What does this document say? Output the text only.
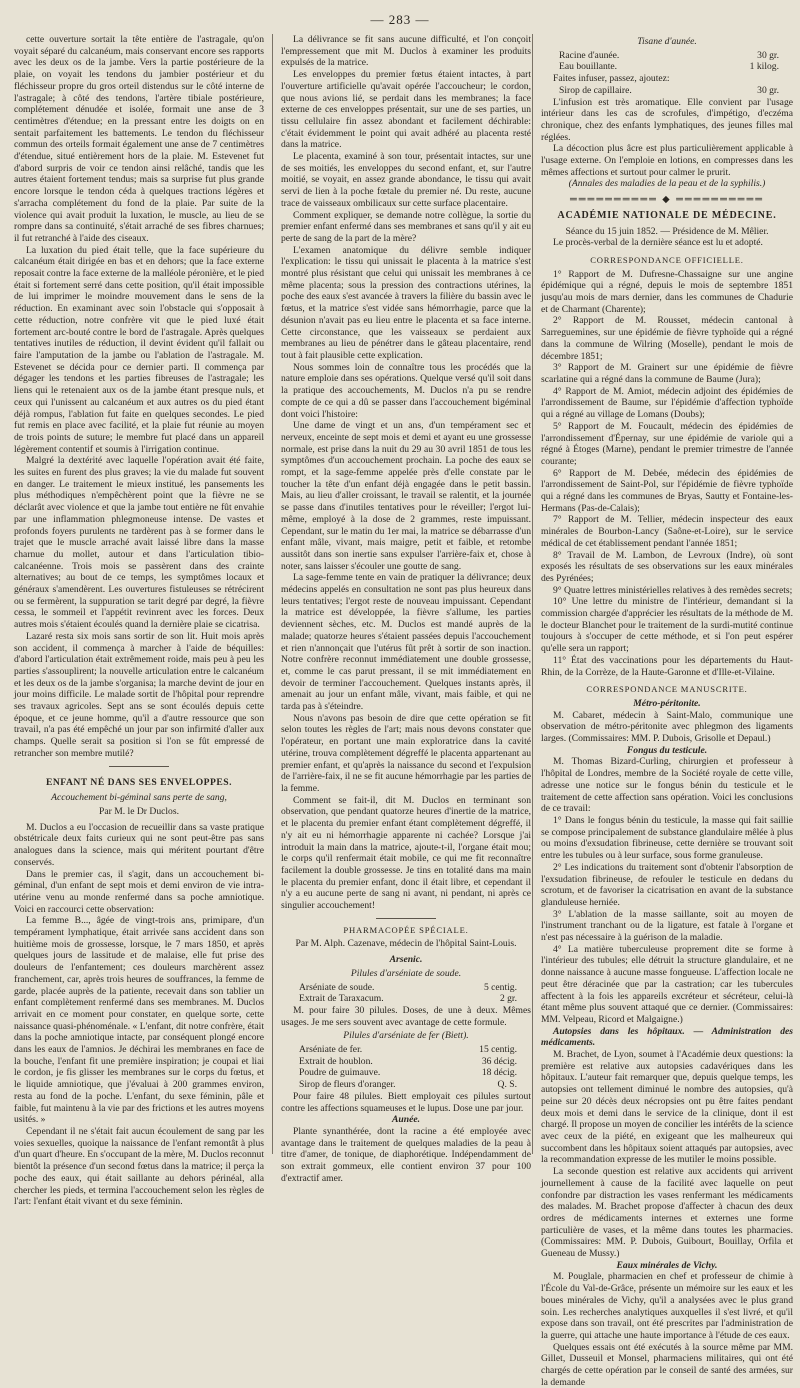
— 283 —

cette ouverture sortait la tête entière de l'astragale, qu'on voyait séparé du calcanéum, mais conservant encore ses rapports avec les deux os de la jambe. Vers la partie postérieure de la plaie, on voyait les tendons du jambier postérieur et du fléchisseur propre du gros orteil distendus sur le côté interne de l'astragale; à côté des tendons, l'artère tibiale postérieure, complétement dénudée et isolée, formait une anse de 3 centimètres d'étendue; en la pressant entre les doigts on en sentait parfaitement les battements. Le tendon du fléchisseur commun des orteils formait également une anse de 7 centimètres d'étendue, situé entièrement hors de la plaie. M. Estevenet fut d'abord surpris de voir ce tendon ainsi relâché, tandis que les autres étaient fortement tendus; mais sa surprise fut plus grande encore lorsque le tendon céda à quelques tractions légères et s'arracha complétement du fond de la plaie. Par suite de la violence qui avait produit la luxation, le muscle, au lieu de se rompre dans sa continuité, s'était arraché de ses fibres charnues; il fut retranché à l'aide des ciseaux.

La luxation du pied était telle, que la face supérieure du calcanéum était dirigée en bas et en dehors; que la face externe reposait contre la face externe de la malléole péronière, et le pied était si fortement serré dans cette position, qu'il était impossible de lui imprimer le moindre mouvement dans le sens de la réduction. En examinant avec soin l'obstacle qui s'opposait à cette réduction, notre confrère vit que le pied luxé était fortement arc-bouté contre le bord de l'astragale. Après quelques tentatives inutiles de réduction, il devint évident qu'il fallait ou faire l'amputation de la jambe ou l'ablation de l'astragale. M. Estevenet se décida pour ce dernier parti. Il commença par dégager les tendons et les parties fibreuses de l'astragale; les liens qui le retenaient aux os de la jambe étant presque nuls, et ceux qui l'unissent au calcanéum et aux autres os du pied étant déjà rompus, l'ablation fut faite en quelques secondes. Le pied fut remis en place avec facilité, et la plaie fut réunie au moyen de trois points de suture; le membre fut placé dans un appareil légèrement contentif et soumis à l'irrigation continue.

Malgré la dextérité avec laquelle l'opération avait été faite, les suites en furent des plus graves; la vie du malade fut souvent en danger. Le traitement le mieux institué, les pansements les plus méthodiques n'empêchèrent point que la fièvre ne se déclarât avec violence et que la jambe tout entière ne fût envahie par une inflammation phlegmoneuse intense. De vastes et profonds foyers purulents ne tardèrent pas à se former dans le trajet que le muscle arraché avait laissé libre dans la masse charnue du mollet, autour et dans l'articulation tibio-calcanéenne. Trois mois se passèrent dans des crainte alternatives; au bout de ce temps, les symptômes locaux et généraux s'amendèrent. Les ouvertures fistuleuses se rétrécirent ou se fermèrent, la suppuration se tarit degré par degré, la fièvre cessa, le sommeil et l'appétit revinrent avec les forces. Deux autres mois s'étaient écoulés quand la dernière plaie se cicatrisa.

Lazaré resta six mois sans sortir de son lit. Huit mois après son accident, il commença à marcher à l'aide de béquilles: d'abord l'articulation était extrêmement roide, mais peu à peu les parties s'assouplirent; la nouvelle articulation entre le calcanéum et les deux os de la jambe s'organisa; la marche devint de jour en jour moins difficile. Le malade sortit de l'hôpital pour reprendre ses travaux agricoles. Sept ans se sont écoulés depuis cette époque, et ce jeune homme, qu'il a d'autre ressource que son travail, n'a pas été empêché un jour par son infirmité d'aller aux champs. Quelle serait sa position si l'on se fût empressé de retrancher son membre mutilé?

ENFANT NÉ DANS SES ENVELOPPES.

Accouchement bi-géminal sans perte de sang,

Par M. le Dr Duclos.

M. Duclos a eu l'occasion de recueillir dans sa vaste pratique obstétricale deux faits curieux qui ne sont peut-être pas sans analogues dans la science, mais qui méritent pourtant d'être conservés.

Dans le premier cas, il s'agit, dans un accouchement bi-géminal, d'un enfant de sept mois et demi environ de vie intra-utérine venu au monde renfermé dans sa poche amniotique. Voici en raccourci cette observation:

La femme B..., âgée de vingt-trois ans, primipare, d'un tempérament lymphatique, était arrivée sans accident dans son huitième mois de grossesse, lorsque, le 7 mars 1850, et après quelques jours de lassitude et de malaise, elle fut prise des douleurs de l'enfantement; ces douleurs marchèrent assez franchement, car, après trois heures de souffrances, la femme de garde, placée auprès de la patiente, recevait dans son tablier un enfant complètement renfermé dans ses membranes. M. Duclos arrivait en ce moment pour constater, en quelque sorte, cette naissance quasi-phénoménale. « L'enfant, dit notre confrère, était dans la poche amniotique intacte, par conséquent plongé encore dans les eaux de l'amnios. Je déchirai les membranes en face de la bouche, l'enfant fit une première inspiration; je coupai et liai le cordon, je fis glisser les membranes sur le corps du fœtus, et le liquide amniotique, que j'évaluai à 200 grammes environ, resta au fond de la poche. L'enfant, du sexe féminin, pâle et faible, fut maintenu à la vie par des frictions et les autres moyens usités. »

Cependant il ne s'était fait aucun écoulement de sang par les voies sexuelles, quoique la naissance de l'enfant remontât à plus d'un quart d'heure. En s'occupant de la mère, M. Duclos reconnut bientôt la présence d'un second fœtus dans la matrice; il perça la poche des eaux, qui était saillante au dehors périnéal, alla chercher les pieds, et termina l'accouchement selon les règles de l'art: l'enfant était vivant et du sexe féminin.

La délivrance se fit sans aucune difficulté, et l'on conçoit l'empressement que mit M. Duclos à examiner les produits expulsés de la matrice.

Les enveloppes du premier fœtus étaient intactes, à part l'ouverture artificielle qu'avait opérée l'accoucheur; le cordon, que nous avions lié, se perdait dans les membranes; la face externe de ces enveloppes présentait, sur une de ses parties, un tissu cellulaire fin assez abondant et facilement déchirable: c'était évidemment le point qui avait adhéré au placenta resté dans la matrice.

Le placenta, examiné à son tour, présentait intactes, sur une de ses moitiés, les enveloppes du second enfant, et, sur l'autre moitié, se voyait, en assez grande abondance, le tissu qui avait servi de lien à la poche fœtale du premier né. Du reste, aucune trace de vaisseaux ombilicaux sur cette surface placentaire.

Comment expliquer, se demande notre collègue, la sortie du premier enfant enfermé dans ses membranes et sans qu'il y ait eu perte de sang de la part de la mère?

L'examen anatomique du délivre semble indiquer l'explication: le tissu qui unissait le placenta à la matrice s'est montré plus résistant que celui qui unissait les membranes à ce même placenta; sous la pression des contractions utérines, la poche des eaux s'est avancée à travers la filière du bassin avec le fœtus, et la matrice s'est vidée sans hémorrhagie, parce que la désunion n'avait pas eu lieu entre le placenta et sa face interne. Cette circonstance, que les vaisseaux se perdaient aux membranes au lieu de pénétrer dans le gâteau placentaire, rend tout à fait plausible cette explication.

Nous sommes loin de connaître tous les procédés que la nature emploie dans ses opérations. Quelque versé qu'il soit dans la pratique des accouchements, M. Duclos n'a pu se rendre compte de ce qui a dû se passer dans l'accouchement bigéminal dont voici l'histoire:

Une dame de vingt et un ans, d'un tempérament sec et nerveux, enceinte de sept mois et demi et ayant eu une grossesse normale, est prise dans la nuit du 29 au 30 avril 1851 de tous les symptômes d'un accouchement prochain. La poche des eaux se rompt, et la sage-femme appelée près d'elle constate par le toucher la tête d'un enfant déjà engagée dans le petit bassin. Mais, au lieu d'aller croissant, le travail se ralentit, et la journée se passe dans d'inutiles tentatives pour le réveiller; l'ergot lui-même, employé à la dose de 2 grammes, reste impuissant. Cependant, sur le matin du 1er mai, la matrice se débarrasse d'un enfant mâle, vivant, mais maigre, petit et faible, et retombe aussitôt dans son inertie sans expulser l'arrière-faix et, chose à noter, sans laisser s'écouler une goutte de sang.

La sage-femme tente en vain de pratiquer la délivrance; deux médecins appelés en consultation ne sont pas plus heureux dans leurs tentatives; l'ergot reste de nouveau impuissant. Cependant la matrice est développée, la fièvre s'allume, les parties deviennent sèches, etc. M. Duclos est mandé auprès de la malade; quatorze heures s'étaient passées depuis l'accouchement et rien n'annonçait que l'utérus fût prêt à sortir de son inaction. Notre confrère reconnut immédiatement une double grossesse, et, comme le cas parut pressant, il se mit immédiatement en devoir de terminer l'accouchement. Quelques instants après, il amenait au jour un enfant mâle, vivant, mais faible, et qui ne tarda pas à s'éteindre.

Nous n'avons pas besoin de dire que cette opération se fit selon toutes les règles de l'art; mais nous devons constater que l'opérateur, en portant une main exploratrice dans la cavité utérine, trouva complètement dégreffé le placenta appartenant au premier enfant, et qu'après la naissance du second et l'expulsion de l'arrière-faix, il ne se fit aucune hémorrhagie par les parties de la femme.

Comment se fait-il, dit M. Duclos en terminant son observation, que pendant quatorze heures d'inertie de la matrice, et le placenta du premier enfant étant complètement dégreffé, il n'y ait eu ni hémorrhagie apparente ni cachée? Lorsque j'ai introduit la main dans la matrice, ajoute-t-il, l'organe était mou; le corps qu'il renfermait était mobile, ce qui me fit reconnaître facilement la double grossesse. Je tins en totalité dans ma main le placenta du premier enfant, donc il était libre, et cependant il n'y a eu aucune perte de sang ni avant, ni pendant, ni après ce singulier accouchement!

PHARMACOPÉE SPÉCIALE.

Par M. Alph. Cazenave, médecin de l'hôpital Saint-Louis.

Arsenic.

Pilules d'arséniate de soude.

Arséniate de soude.	5 centig.
Extrait de Taraxacum.	2 gr.

M. pour faire 30 pilules. Doses, de une à deux. Mêmes usages. Je me sers souvent avec avantage de cette formule.

Pilules d'arséniate de fer (Biett).

Arséniate de fer.	15 centig.
Extrait de houblon.	36 décig.
Poudre de guimauve.	18 décig.
Sirop de fleurs d'oranger.	Q. S.

Pour faire 48 pilules. Biett employait ces pilules surtout contre les affections squameuses et le lupus. Dose une par jour.

Aunée.

Plante synanthérée, dont la racine a été employée avec avantage dans le traitement de quelques maladies de la peau à titre d'amer, de tonique, de diaphorétique. Indépendamment de son extrait gommeux, elle contient environ 37 pour 100 d'extractif amer.

Tisane d'aunée.

Racine d'aunée.	30 gr.
Eau bouillante.	1 kilog.

Faites infuser, passez, ajoutez:

Sirop de capillaire.	30 gr.

L'infusion est très aromatique. Elle convient par l'usage intérieur dans les cas de scrofules, d'impétigo, d'eczéma chronique, chez des enfants lymphatiques, des jeunes filles mal réglées.

La décoction plus âcre est plus particulièrement applicable à l'usage externe. On l'emploie en lotions, en compresses dans les mêmes affections et surtout pour calmer le prurit.

(Annales des maladies de la peau et de la syphilis.)

══════════ ◆ ══════════

ACADÉMIE NATIONALE DE MÉDECINE.

Séance du 15 juin 1852. — Présidence de M. Mêlier.

Le procès-verbal de la dernière séance est lu et adopté.

CORRESPONDANCE OFFICIELLE.

1° Rapport de M. Dufresne-Chassaigne sur une angine épidémique qui a régné, depuis le mois de septembre 1851 jusqu'au mois de mars dernier, dans les communes de Chadurie et de Charmant (Charente);

2° Rapport de M. Rousset, médecin cantonal à Sarreguemines, sur une épidémie de fièvre typhoïde qui a régné dans la commune de Wilring (Moselle), pendant le mois de décembre 1851;

3° Rapport de M. Grainert sur une épidémie de fièvre scarlatine qui a régné dans la commune de Baume (Jura);

4° Rapport de M. Amiot, médecin adjoint des épidémies de l'arrondissement de Baume, sur l'épidémie d'affection typhoïde qui a régné au village de Lomans (Doubs);

5° Rapport de M. Foucault, médecin des épidémies de l'arrondissement d'Épernay, sur une épidémie de variole qui a régné à Étoges (Marne), pendant le premier trimestre de l'année courante;

6° Rapport de M. Debée, médecin des épidémies de l'arrondissement de Saint-Pol, sur l'épidémie de fièvre typhoïde qui a régné dans les communes de Bryas, Sautty et Fontaine-les-Hermans (Pas-de-Calais);

7° Rapport de M. Tellier, médecin inspecteur des eaux minérales de Bourbon-Lancy (Saône-et-Loire), sur le service médical de cet établissement pendant l'année 1851;

8° Travail de M. Lambon, de Levroux (Indre), où sont exposés les résultats de ses observations sur les eaux minérales des Pyrénées;

9° Quatre lettres ministérielles relatives à des remèdes secrets;

10° Une lettre du ministre de l'intérieur, demandant si la commission chargée d'apprécier les résultats de la méthode de M. le docteur Blanchet pour le traitement de la surdi-mutité continue toujours à s'occuper de cette méthode, et si l'on peut espérer qu'elle sera un rapport;

11° État des vaccinations pour les départements du Haut-Rhin, de la Corrèze, de la Haute-Garonne et d'Ille-et-Vilaine.

CORRESPONDANCE MANUSCRITE.

Métro-péritonite.

M. Cabaret, médecin à Saint-Malo, communique une observation de métro-péritonite avec phlegmon des ligaments larges. (Commissaires: MM. P. Dubois, Grisolle et Depaul.)

Fongus du testicule.

M. Thomas Bizard-Curling, chirurgien et professeur à l'hôpital de Londres, membre de la Société royale de cette ville, adresse une notice sur le fongus bénin du testicule et le traitement de cette affection sans opération. Voici les conclusions de ce travail:

1° Dans le fongus bénin du testicule, la masse qui fait saillie se compose principalement de substance glandulaire mêlée à plus ou moins d'exsudation fibrineuse, cette dernière se trouvant soit entre les tubules ou à leur surface, sous forme granuleuse.

2° Les indications du traitement sont d'obtenir l'absorption de l'exsudation fibrineuse, de refouler le testicule en dedans du scrotum, et de favoriser la cicatrisation en avant de la substance glanduleuse herniée.

3° L'ablation de la masse saillante, soit au moyen de l'instrument tranchant ou de la ligature, est fatale à l'organe et n'est pas nécessaire à la guérison de la maladie.

4° La matière tuberculeuse proprement dite se forme à l'intérieur des tubules; elle détruit la structure glandulaire, et ne donne naissance à aucune masse fongueuse. L'affection locale ne peut être déracinée que par la castration; car les tubercules affectent à la fois les appareils excréteur et sécréteur, celui-là étant même plus souvent attaqué que ce dernier. (Commissaires: MM. Velpeau, Ricord et Malgaigne.)

Autopsies dans les hôpitaux. — Administration des médicaments.

M. Brachet, de Lyon, soumet à l'Académie deux questions: la première est relative aux autopsies cadavériques dans les hôpitaux. L'auteur fait remarquer que, depuis quelque temps, les autopsies ont tellement diminué le nombre des autopsies, qu'à peine sur 20 décès deux nécropsies ont pu être faites pendant deux mois et demi dans le service de la clinique, dont il est chargé. Il propose un moyen de concilier les intérêts de la science avec ceux de la piété, en exigeant que les malheureux qui succombent dans les hôpitaux soient attaqués par autopsies, avec la recommandation expresse de les mutiler le moins possible.

La seconde question est relative aux accidents qui arrivent journellement à cause de la facilité avec laquelle on peut confondre par distraction les vases renfermant les médicaments des malades. M. Brachet propose d'affecter à chacun des deux ordres de médicaments internes et externes une forme particulière de vases, et la même dans toutes les pharmacies. (Commissaires: MM. P. Dubois, Guibourt, Bouillay, Orfila et Gueneau de Mussy.)

Eaux minérales de Vichy.

M. Pouglale, pharmacien en chef et professeur de chimie à l'École du Val-de-Grâce, présente un mémoire sur les eaux et les boues minérales de Vichy, qu'il a analysées avec le plus grand soin. Les recherches analytiques auxquelles il s'est livré, et qu'il expose dans son travail, ont été prescrites par l'administration de la guerre, qui attache une haute importance à l'étude de ces eaux.

Quelques essais ont été exécutés à la source même par MM. Gillet, Dusseuil et Monsel, pharmaciens militaires, qui ont été chargés de cette opération par le conseil de santé des armées, sur la demande
